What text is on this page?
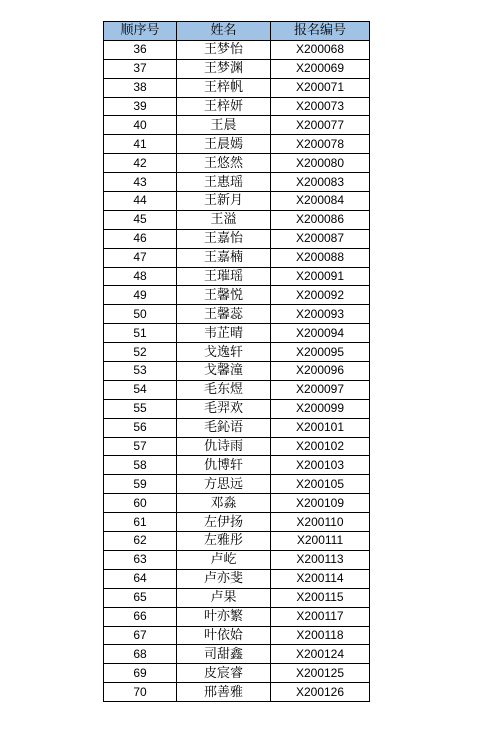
顺序号	姓名	报名编号
36	王梦怡	X200068
37	王梦渊	X200069
38	王梓帆	X200071
39	王梓妍	X200073
40	王晨	X200077
41	王晨嫣	X200078
42	王悠然	X200080
43	王惠瑶	X200083
44	王新月	X200084
45	王溢	X200086
46	王嘉怡	X200087
47	王嘉楠	X200088
48	王璀瑶	X200091
49	王馨悦	X200092
50	王馨蕊	X200093
51	韦芷晴	X200094
52	戈逸轩	X200095
53	戈馨潼	X200096
54	毛东煜	X200097
55	毛羿欢	X200099
56	毛鈊语	X200101
57	仇诗雨	X200102
58	仇博轩	X200103
59	方思远	X200105
60	邓淼	X200109
61	左伊扬	X200110
62	左雅彤	X200111
63	卢屹	X200113
64	卢亦斐	X200114
65	卢果	X200115
66	叶亦繁	X200117
67	叶依姶	X200118
68	司甜鑫	X200124
69	皮宸睿	X200125
70	邢善雅	X200126
